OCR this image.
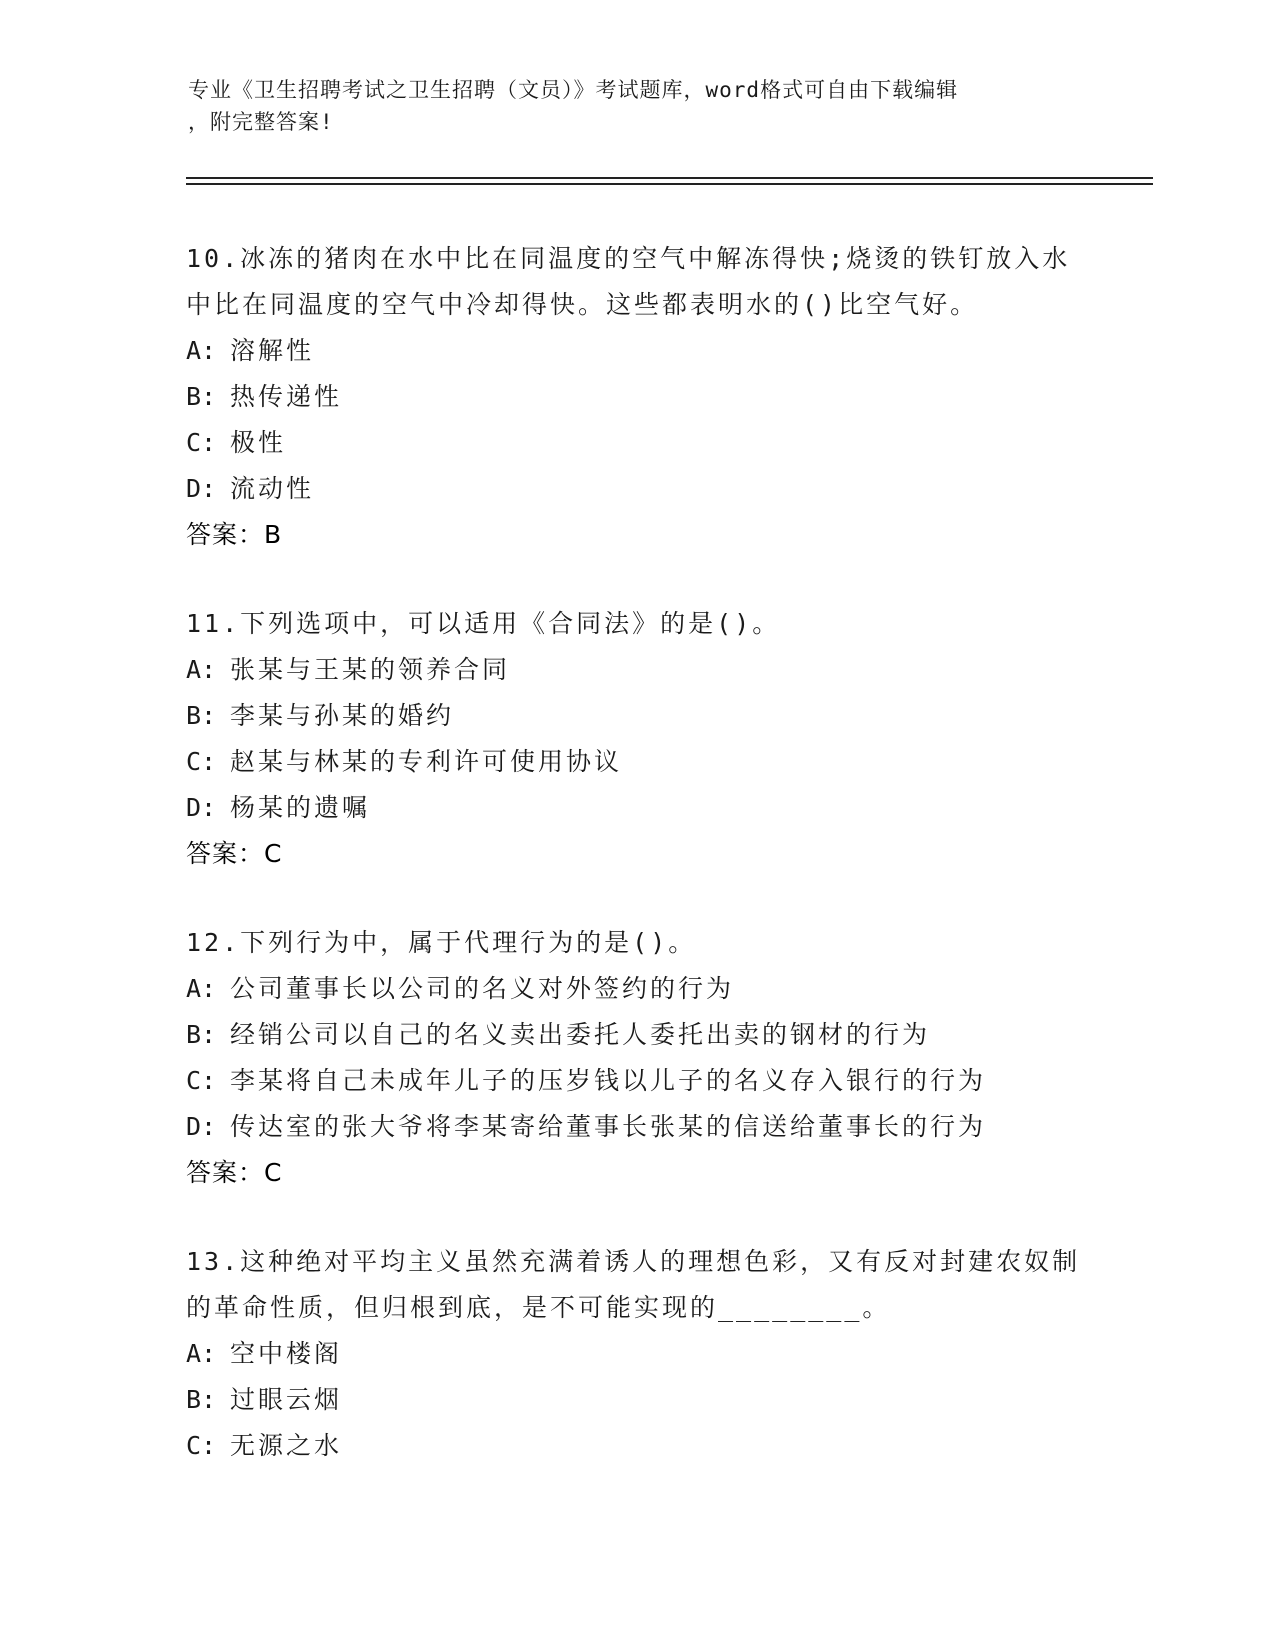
专业《卫生招聘考试之卫生招聘（文员）》考试题库，word格式可自由下载编辑
，附完整答案!

10.冰冻的猪肉在水中比在同温度的空气中解冻得快;烧烫的铁钉放入水中比在同温度的空气中冷却得快。这些都表明水的()比空气好。

A: 溶解性
B: 热传递性
C: 极性
D: 流动性
答案：B

11.下列选项中，可以适用《合同法》的是()。

A: 张某与王某的领养合同
B: 李某与孙某的婚约
C: 赵某与林某的专利许可使用协议
D: 杨某的遗嘱
答案：C

12.下列行为中，属于代理行为的是()。

A: 公司董事长以公司的名义对外签约的行为
B: 经销公司以自己的名义卖出委托人委托出卖的钢材的行为
C: 李某将自己未成年儿子的压岁钱以儿子的名义存入银行的行为
D: 传达室的张大爷将李某寄给董事长张某的信送给董事长的行为
答案：C

13.这种绝对平均主义虽然充满着诱人的理想色彩，又有反对封建农奴制的革命性质，但归根到底，是不可能实现的________。

A: 空中楼阁
B: 过眼云烟
C: 无源之水
